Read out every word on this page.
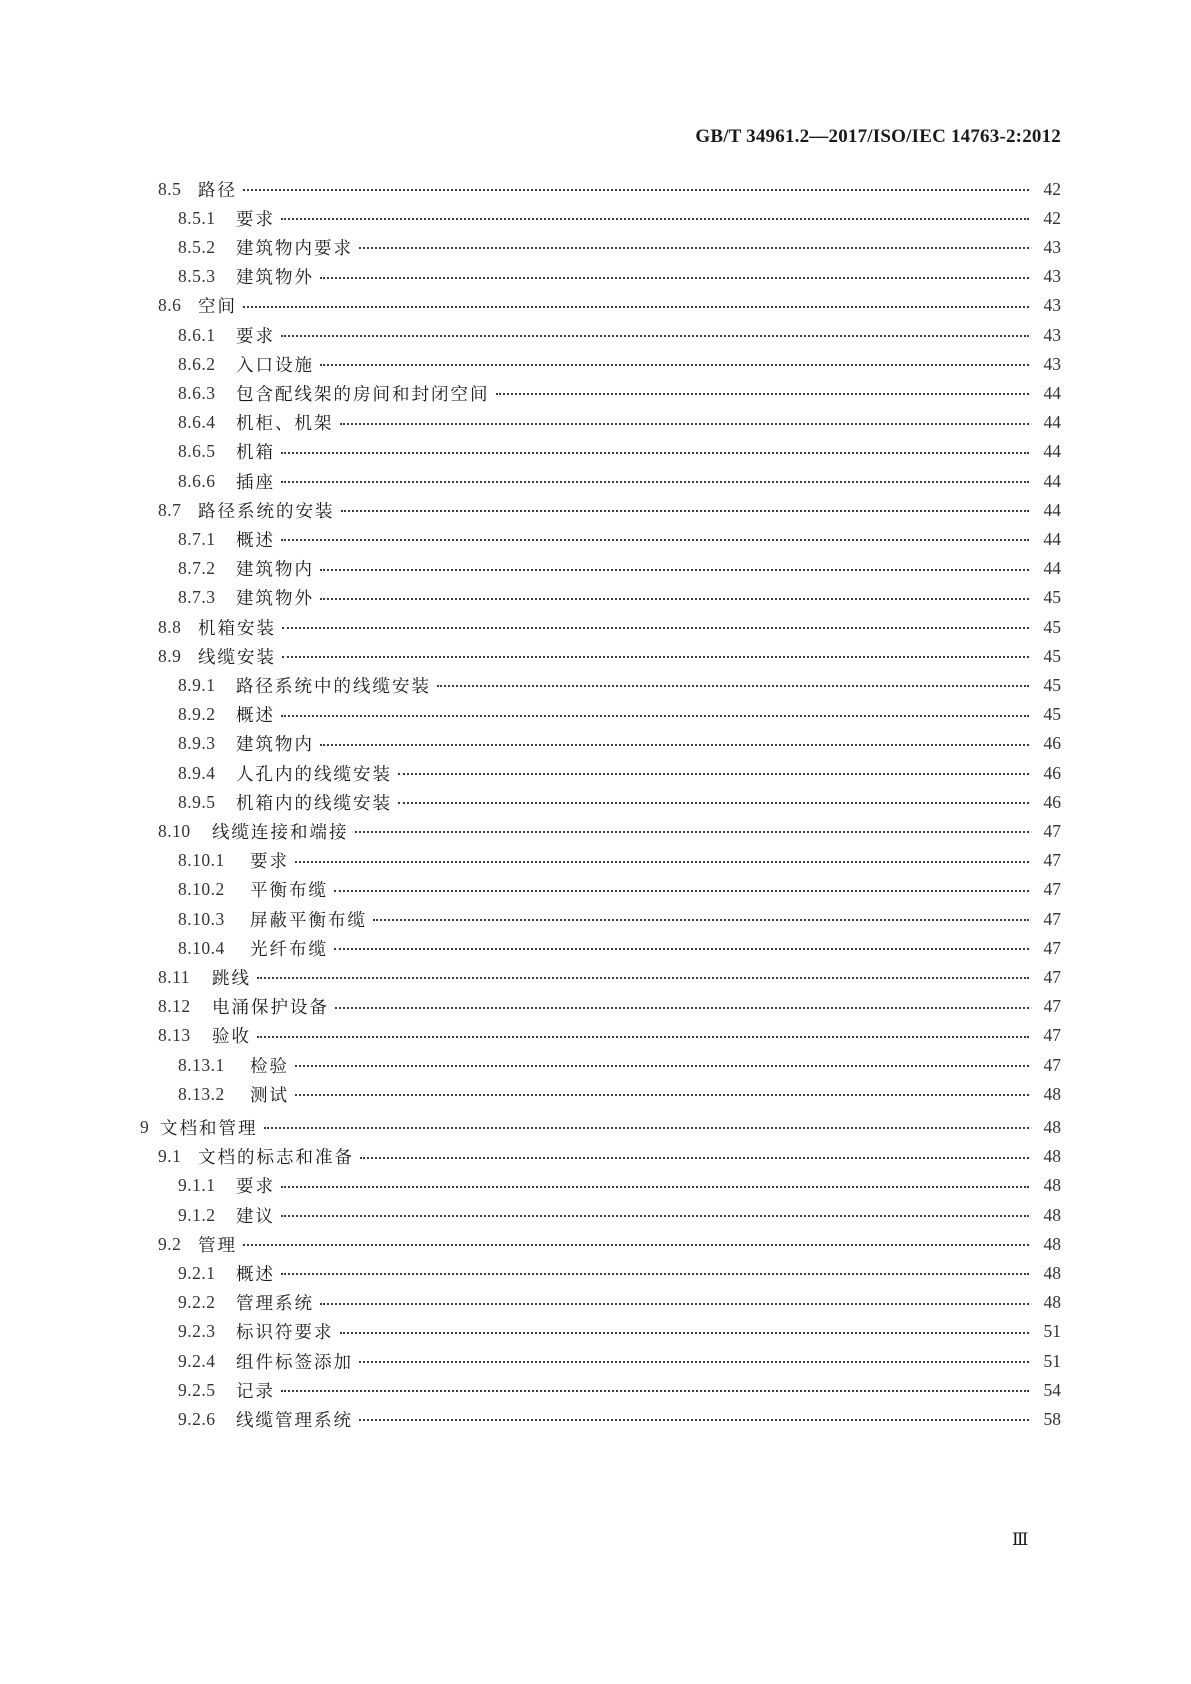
GB/T 34961.2—2017/ISO/IEC 14763-2:2012
8.5 路径	42
8.5.1	要求	42
8.5.2	建筑物内要求	43
8.5.3	建筑物外	43
8.6 空间	43
8.6.1	要求	43
8.6.2	入口设施	43
8.6.3	包含配线架的房间和封闭空间	44
8.6.4	机柜、机架	44
8.6.5	机箱	44
8.6.6	插座	44
8.7 路径系统的安装	44
8.7.1	概述	44
8.7.2	建筑物内	44
8.7.3	建筑物外	45
8.8 机箱安装	45
8.9 线缆安装	45
8.9.1	路径系统中的线缆安装	45
8.9.2	概述	45
8.9.3	建筑物内	46
8.9.4	人孔内的线缆安装	46
8.9.5	机箱内的线缆安装	46
8.10	线缆连接和端接	47
8.10.1	要求	47
8.10.2	平衡布缆	47
8.10.3	屏蔽平衡布缆	47
8.10.4	光纤布缆	47
8.11	跳线	47
8.12	电涌保护设备	47
8.13	验收	47
8.13.1	检验	47
8.13.2	测试	48
9 文档和管理	48
9.1 文档的标志和准备	48
9.1.1	要求	48
9.1.2	建议	48
9.2 管理	48
9.2.1	概述	48
9.2.2	管理系统	48
9.2.3	标识符要求	51
9.2.4	组件标签添加	51
9.2.5	记录	54
9.2.6	线缆管理系统	58
Ⅲ
